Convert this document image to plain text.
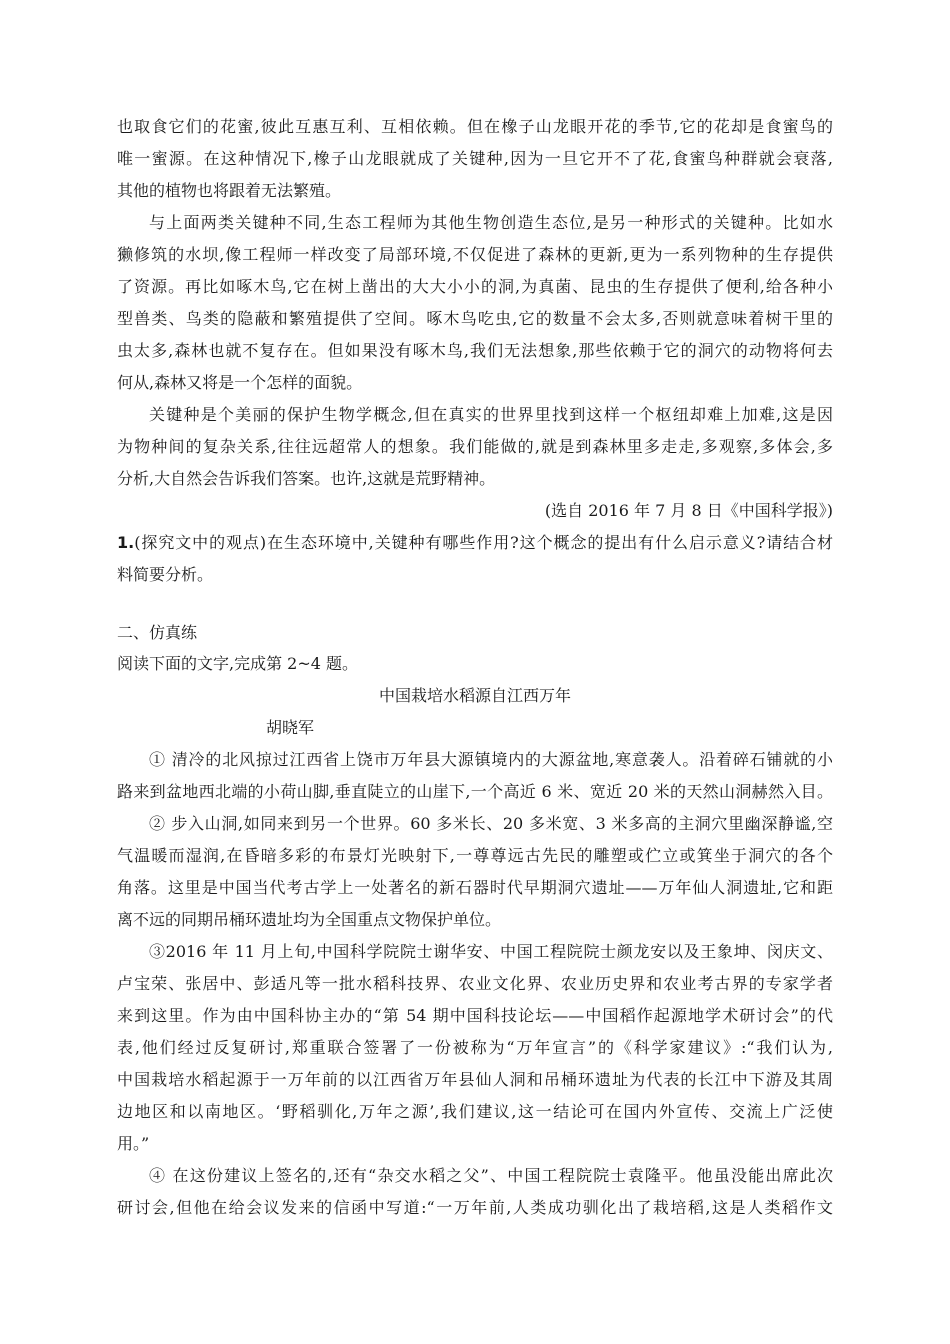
也取食它们的花蜜,彼此互惠互利、互相依赖。但在橡子山龙眼开花的季节,它的花却是食蜜鸟的
唯一蜜源。在这种情况下,橡子山龙眼就成了关键种,因为一旦它开不了花,食蜜鸟种群就会衰落,
其他的植物也将跟着无法繁殖。
与上面两类关键种不同,生态工程师为其他生物创造生态位,是另一种形式的关键种。比如水
獭修筑的水坝,像工程师一样改变了局部环境,不仅促进了森林的更新,更为一系列物种的生存提供
了资源。再比如啄木鸟,它在树上凿出的大大小小的洞,为真菌、昆虫的生存提供了便利,给各种小
型兽类、鸟类的隐蔽和繁殖提供了空间。啄木鸟吃虫,它的数量不会太多,否则就意味着树干里的
虫太多,森林也就不复存在。但如果没有啄木鸟,我们无法想象,那些依赖于它的洞穴的动物将何去
何从,森林又将是一个怎样的面貌。
关键种是个美丽的保护生物学概念,但在真实的世界里找到这样一个枢纽却难上加难,这是因
为物种间的复杂关系,往往远超常人的想象。我们能做的,就是到森林里多走走,多观察,多体会,多
分析,大自然会告诉我们答案。也许,这就是荒野精神。
(选自 2016 年 7 月 8 日《中国科学报》)
1.(探究文中的观点)在生态环境中,关键种有哪些作用?这个概念的提出有什么启示意义?请结合材
料简要分析。
二、仿真练
阅读下面的文字,完成第 2~4 题。
中国栽培水稻源自江西万年
胡晓军
① 清冷的北风掠过江西省上饶市万年县大源镇境内的大源盆地,寒意袭人。沿着碎石铺就的小
路来到盆地西北端的小荷山脚,垂直陡立的山崖下,一个高近 6 米、宽近 20 米的天然山洞赫然入目。
② 步入山洞,如同来到另一个世界。60 多米长、20 多米宽、3 米多高的主洞穴里幽深静谧,空
气温暖而湿润,在昏暗多彩的布景灯光映射下,一尊尊远古先民的雕塑或伫立或箕坐于洞穴的各个
角落。这里是中国当代考古学上一处著名的新石器时代早期洞穴遗址——万年仙人洞遗址,它和距
离不远的同期吊桶环遗址均为全国重点文物保护单位。
③2016 年 11 月上旬,中国科学院院士谢华安、中国工程院院士颜龙安以及王象坤、闵庆文、
卢宝荣、张居中、彭适凡等一批水稻科技界、农业文化界、农业历史界和农业考古界的专家学者
来到这里。作为由中国科协主办的“第 54 期中国科技论坛——中国稻作起源地学术研讨会”的代
表,他们经过反复研讨,郑重联合签署了一份被称为“万年宣言”的《科学家建议》:“我们认为,
中国栽培水稻起源于一万年前的以江西省万年县仙人洞和吊桶环遗址为代表的长江中下游及其周
边地区和以南地区。‘野稻驯化,万年之源’,我们建议,这一结论可在国内外宣传、交流上广泛使
用。”
④ 在这份建议上签名的,还有“杂交水稻之父”、中国工程院院士袁隆平。他虽没能出席此次
研讨会,但他在给会议发来的信函中写道:“一万年前,人类成功驯化出了栽培稻,这是人类稻作文
